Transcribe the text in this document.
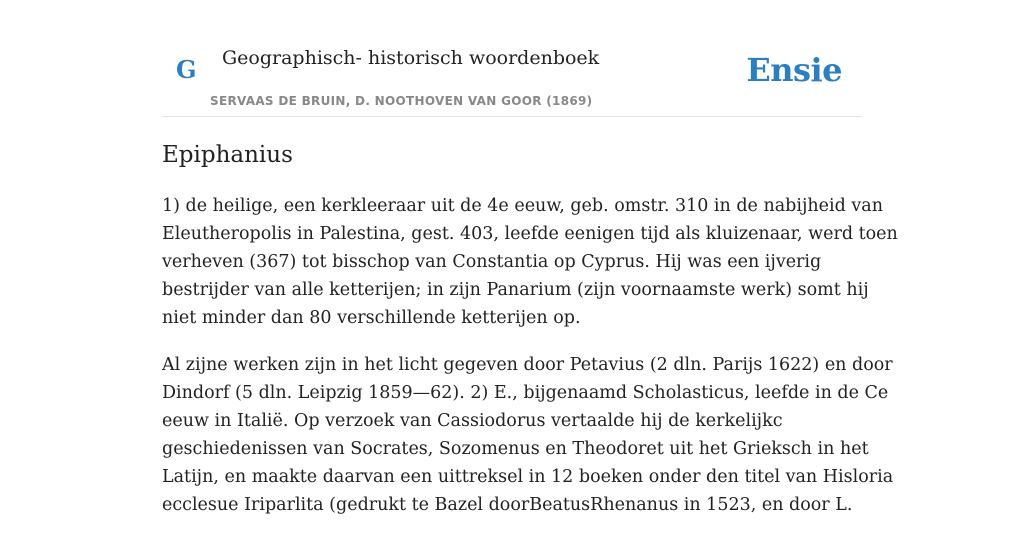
G Geographisch- historisch woordenboek
SERVAAS DE BRUIN, D. NOOTHOVEN VAN GOOR (1869)
Ensie
Epiphanius

1) de heilige, een kerkleeraar uit de 4e eeuw, geb. omstr. 310 in de nabijheid van
Eleutheropolis in Palestina, gest. 403, leefde eenigen tijd als kluizenaar, werd toen
verheven (367) tot bisschop van Constantia op Cyprus. Hij was een ijverig
bestrijder van alle ketterijen; in zijn Panarium (zijn voornaamste werk) somt hij
niet minder dan 80 verschillende ketterijen op.

Al zijne werken zijn in het licht gegeven door Petavius (2 dln. Parijs 1622) en door
Dindorf (5 dln. Leipzig 1859—62). 2) E., bijgenaamd Scholasticus, leefde in de Ce
eeuw in Italië. Op verzoek van Cassiodorus vertaalde hij de kerkelijkc
geschiedenissen van Socrates, Sozomenus en Theodoret uit het Grieksch in het
Latijn, en maakte daarvan een uittreksel in 12 boeken onder den titel van Hisloria
ecclesue Iriparlita (gedrukt te Bazel doorBeatusRhenanus in 1523, en door L.
